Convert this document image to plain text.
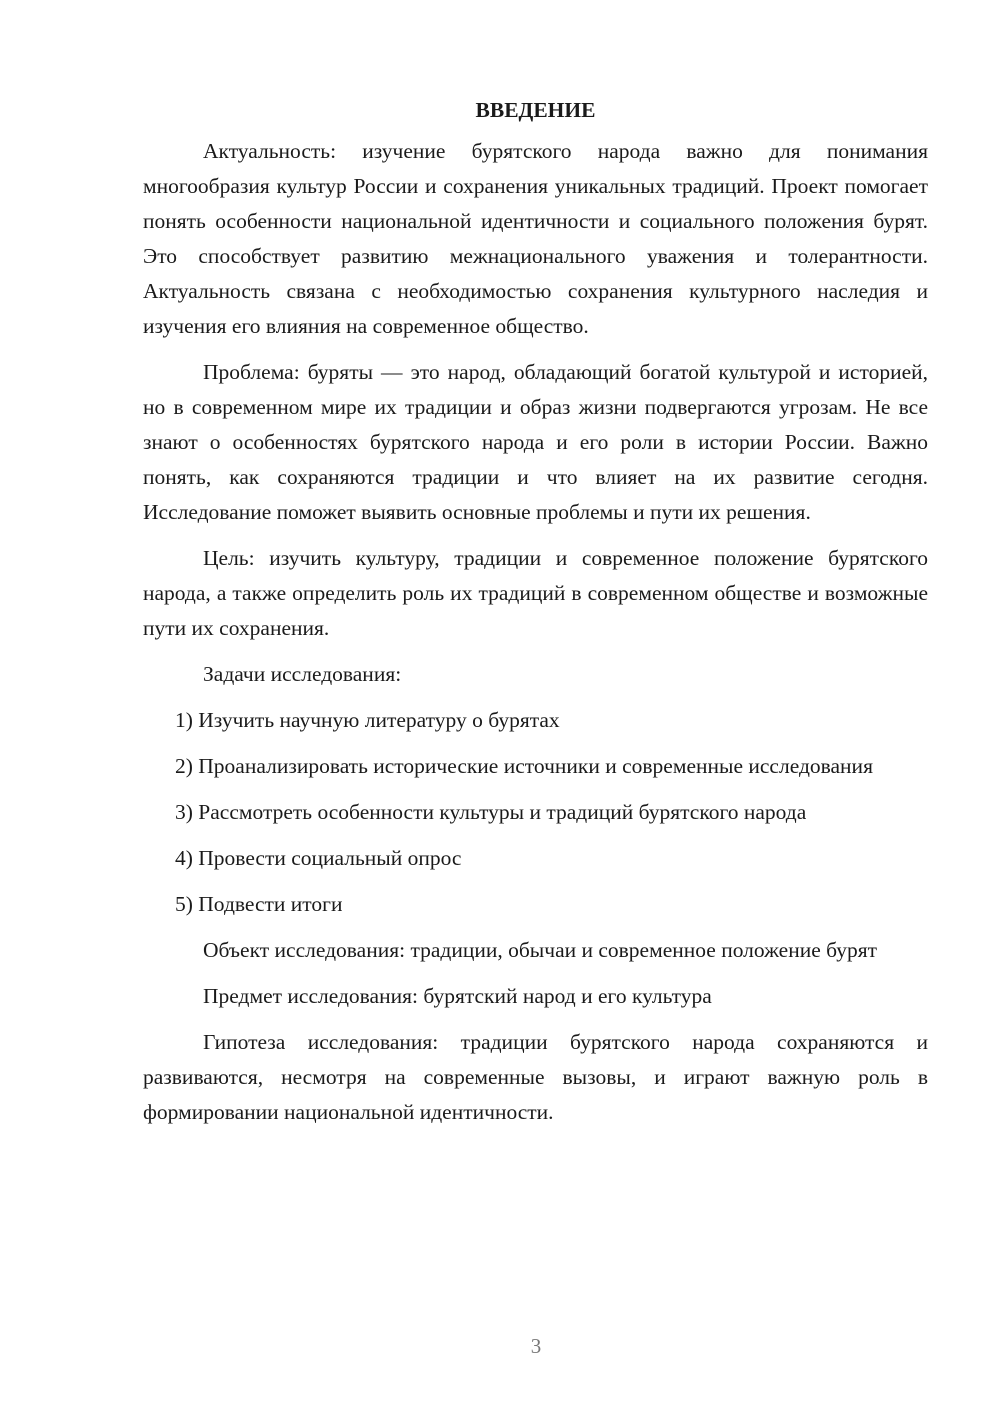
ВВЕДЕНИЕ

Актуальность: изучение бурятского народа важно для понимания многообразия культур России и сохранения уникальных традиций. Проект помогает понять особенности национальной идентичности и социального положения бурят. Это способствует развитию межнационального уважения и толерантности. Актуальность связана с необходимостью сохранения культурного наследия и изучения его влияния на современное общество.

Проблема: буряты — это народ, обладающий богатой культурой и историей, но в современном мире их традиции и образ жизни подвергаются угрозам. Не все знают о особенностях бурятского народа и его роли в истории России. Важно понять, как сохраняются традиции и что влияет на их развитие сегодня. Исследование поможет выявить основные проблемы и пути их решения.

Цель: изучить культуру, традиции и современное положение бурятского народа, а также определить роль их традиций в современном обществе и возможные пути их сохранения.

Задачи исследования:

1) Изучить научную литературу о бурятах

2) Проанализировать исторические источники и современные исследования

3) Рассмотреть особенности культуры и традиций бурятского народа

4) Провести социальный опрос

5) Подвести итоги

Объект исследования: традиции, обычаи и современное положение бурят

Предмет исследования: бурятский народ и его культура

Гипотеза исследования: традиции бурятского народа сохраняются и развиваются, несмотря на современные вызовы, и играют важную роль в формировании национальной идентичности.

3
